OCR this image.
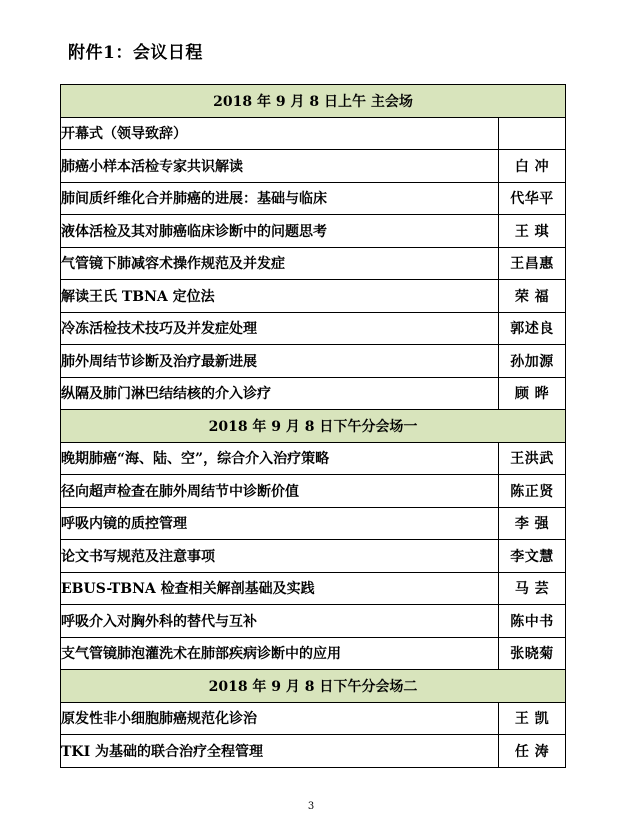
附件1：会议日程
2018 年 9 月 8 日上午 主会场	
开幕式（领导致辞）	
肺癌小样本活检专家共识解读	白 冲
肺间质纤维化合并肺癌的进展：基础与临床	代华平
液体活检及其对肺癌临床诊断中的问题思考	王 琪
气管镜下肺减容术操作规范及并发症	王昌惠
解读王氏 TBNA 定位法	荣 福
冷冻活检技术技巧及并发症处理	郭述良
肺外周结节诊断及治疗最新进展	孙加源
纵隔及肺门淋巴结结核的介入诊疗	顾 晔
2018 年 9 月 8 日下午分会场一	
晚期肺癌“海、陆、空”，综合介入治疗策略	王洪武
径向超声检查在肺外周结节中诊断价值	陈正贤
呼吸内镜的质控管理	李 强
论文书写规范及注意事项	李文慧
EBUS-TBNA 检查相关解剖基础及实践	马 芸
呼吸介入对胸外科的替代与互补	陈中书
支气管镜肺泡灌洗术在肺部疾病诊断中的应用	张晓菊
2018 年 9 月 8 日下午分会场二	
原发性非小细胞肺癌规范化诊治	王 凯
TKI 为基础的联合治疗全程管理	任 涛
3
